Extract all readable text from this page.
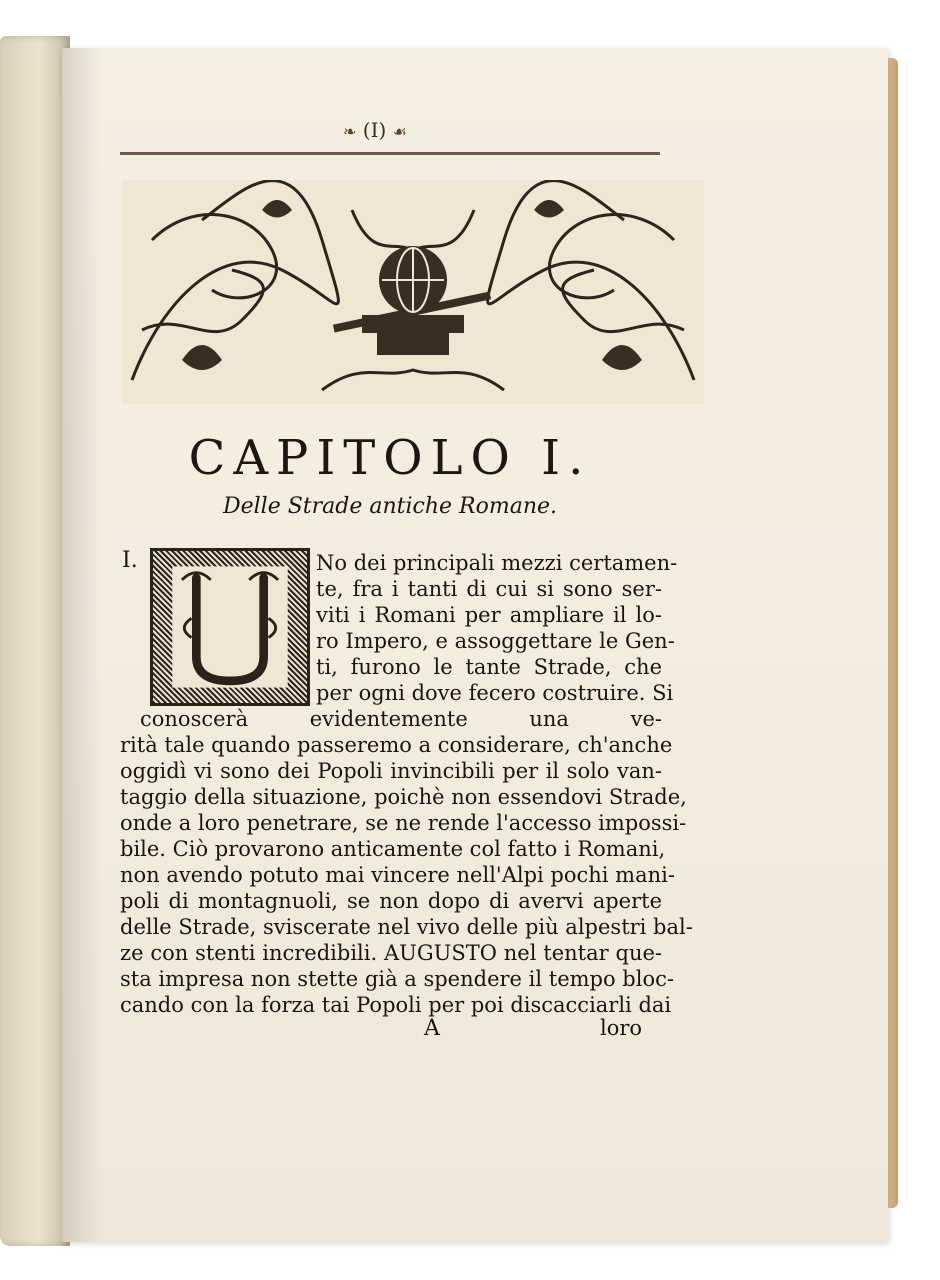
❧ (I) ☙
CAPITOLO I.
Delle Strade antiche Romane.
I.	No dei principali mezzi certamen-
te, fra i tanti di cui si sono ser-
viti i Romani per ampliare il lo-
ro Impero, e assoggettare le Gen-
ti, furono le tante Strade, che
per ogni dove fecero costruire. Si
conoscerà evidentemente una ve-
rità tale quando passeremo a considerare, ch'anche
oggidì vi sono dei Popoli invincibili per il solo van-
taggio della situazione, poichè non essendovi Strade,
onde a loro penetrare, se ne rende l'accesso impossi-
bile. Ciò provarono anticamente col fatto i Romani,
non avendo potuto mai vincere nell'Alpi pochi mani-
poli di montagnuoli, se non dopo di avervi aperte
delle Strade, sviscerate nel vivo delle più alpestri bal-
ze con stenti incredibili. AUGUSTO nel tentar que-
sta impresa non stette già a spendere il tempo bloc-
cando con la forza tai Popoli per poi discacciarli dai
A	loro
